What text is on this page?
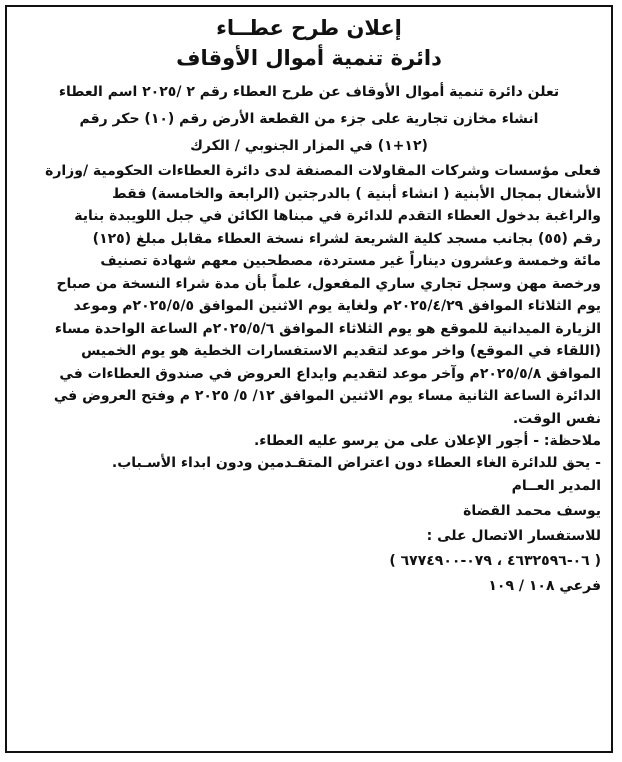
إعلان طرح عطــاء
دائرة تنمية أموال الأوقاف
تعلن دائرة تنمية أموال الأوقاف عن طرح العطاء رقم ٢ /٢٠٢٥ اسم العطاء
انشاء مخازن تجارية على جزء من القطعة الأرض رقم (١٠) حكر رقم
(١٢+١) في المزار الجنوبي / الكرك
فعلى مؤسسات وشركات المقاولات المصنفة لدى دائرة العطاءات الحكومية /وزارة
الأشغال بمجال الأبنية ( انشاء أبنية ) بالدرجتين (الرابعة والخامسة) فقط
والراغبة بدخول العطاء التقدم للدائرة في مبناها الكائن في جبل اللويبدة بناية
رقم (٥٥) بجانب مسجد كلية الشريعة لشراء نسخة العطاء مقابل مبلغ (١٢٥)
مائة وخمسة وعشرون ديناراً غير مستردة، مصطحبين معهم شهادة تصنيف
ورخصة مهن وسجل تجاري ساري المفعول، علماً بأن مدة شراء النسخة من صباح
يوم الثلاثاء الموافق ٢٠٢٥/٤/٢٩م ولغاية يوم الاثنين الموافق ٢٠٢٥/٥/٥م وموعد
الزيارة الميدانية للموقع هو يوم الثلاثاء الموافق ٢٠٢٥/٥/٦م الساعة الواحدة مساء
(اللقاء في الموقع) واخر موعد لتقديم الاستفسارات الخطية هو يوم الخميس
الموافق ٢٠٢٥/٥/٨م وآخر موعد لتقديم وايداع العروض في صندوق العطاءات في
الدائرة الساعة الثانية مساء يوم الاثنين الموافق ١٢/ ٥/ ٢٠٢٥ م وفتح العروض في
نفس الوقت.
ملاحظة: - أجور الإعلان على من يرسو عليه العطاء.
- يحق للدائرة الغاء العطاء دون اعتراض المتقـدمين ودون ابداء الأسـباب.
المدير العــام
يوسف محمد القضاة
للاستفسار الاتصال على :
( ٠٦-٤٦٣٢٥٩٦ ، ٠٧٩-٦٧٧٤٩٠٠ )
فرعي ١٠٨ / ١٠٩
